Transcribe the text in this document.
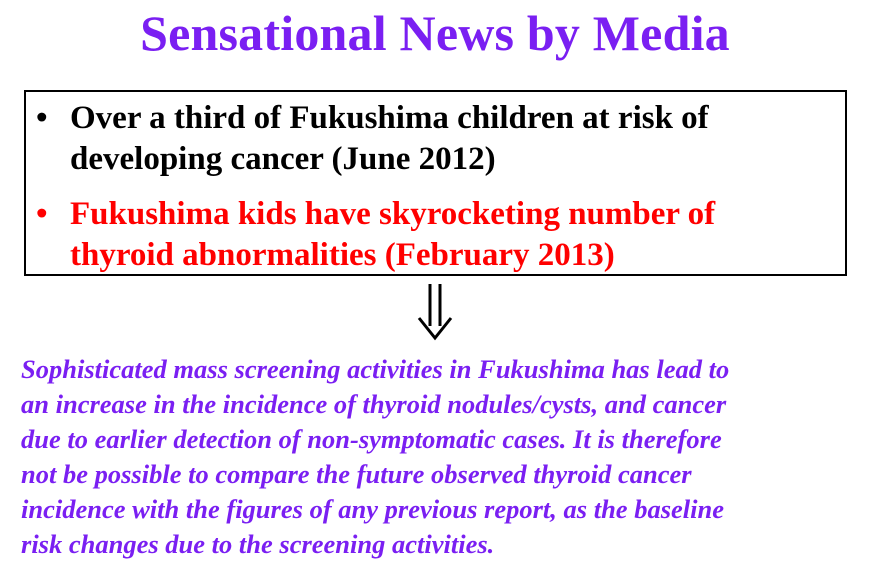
Sensational News by Media
• Over a third of Fukushima children at risk of
developing cancer (June 2012)
• Fukushima kids have skyrocketing number of
thyroid abnormalities (February 2013)
Sophisticated mass screening activities in Fukushima has lead to
an increase in the incidence of thyroid nodules/cysts, and cancer
due to earlier detection of non-symptomatic cases. It is therefore
not be possible to compare the future observed thyroid cancer
incidence with the figures of any previous report, as the baseline
risk changes due to the screening activities.
